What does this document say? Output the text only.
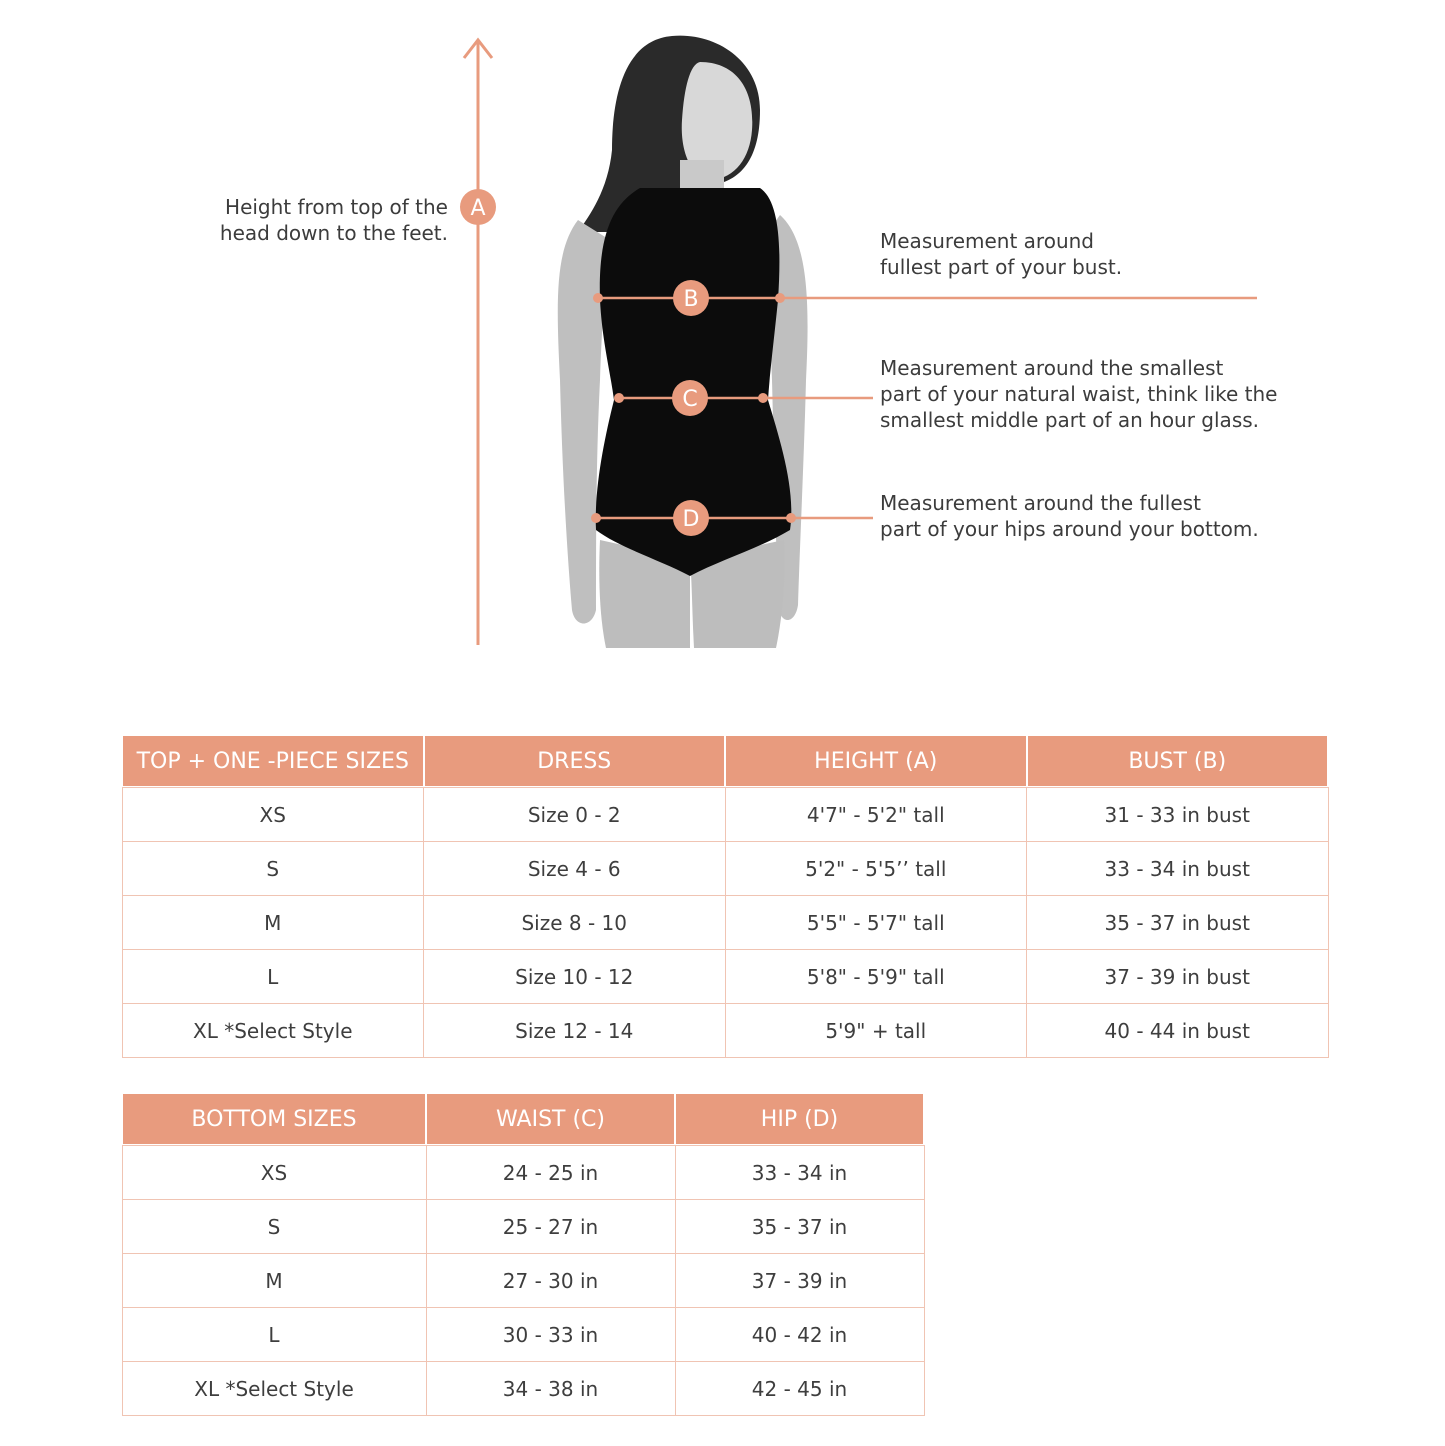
A
B
C
D
Height from top of the
head down to the feet.	Measurement around
fullest part of your bust.
Measurement around the smallest
part of your natural waist, think like the
smallest middle part of an hour glass.
Measurement around the fullest
part of your hips around your bottom.
TOP + ONE -PIECE SIZES	DRESS	HEIGHT (A)	BUST (B)

XS	Size 0 - 2	4'7" - 5'2" tall	31 - 33 in bust
S	Size 4 - 6	5'2" - 5'5’’ tall	33 - 34 in bust
M	Size 8 - 10	5'5" - 5'7" tall	35 - 37 in bust
L	Size 10 - 12	5'8" - 5'9" tall	37 - 39 in bust
XL *Select Style	Size 12 - 14	5'9" + tall	40 - 44 in bust
BOTTOM SIZES	WAIST (C)	HIP (D)

XS	24 - 25 in	33 - 34 in
S	25 - 27 in	35 - 37 in
M	27 - 30 in	37 - 39 in
L	30 - 33 in	40 - 42 in
XL *Select Style	34 - 38 in	42 - 45 in
